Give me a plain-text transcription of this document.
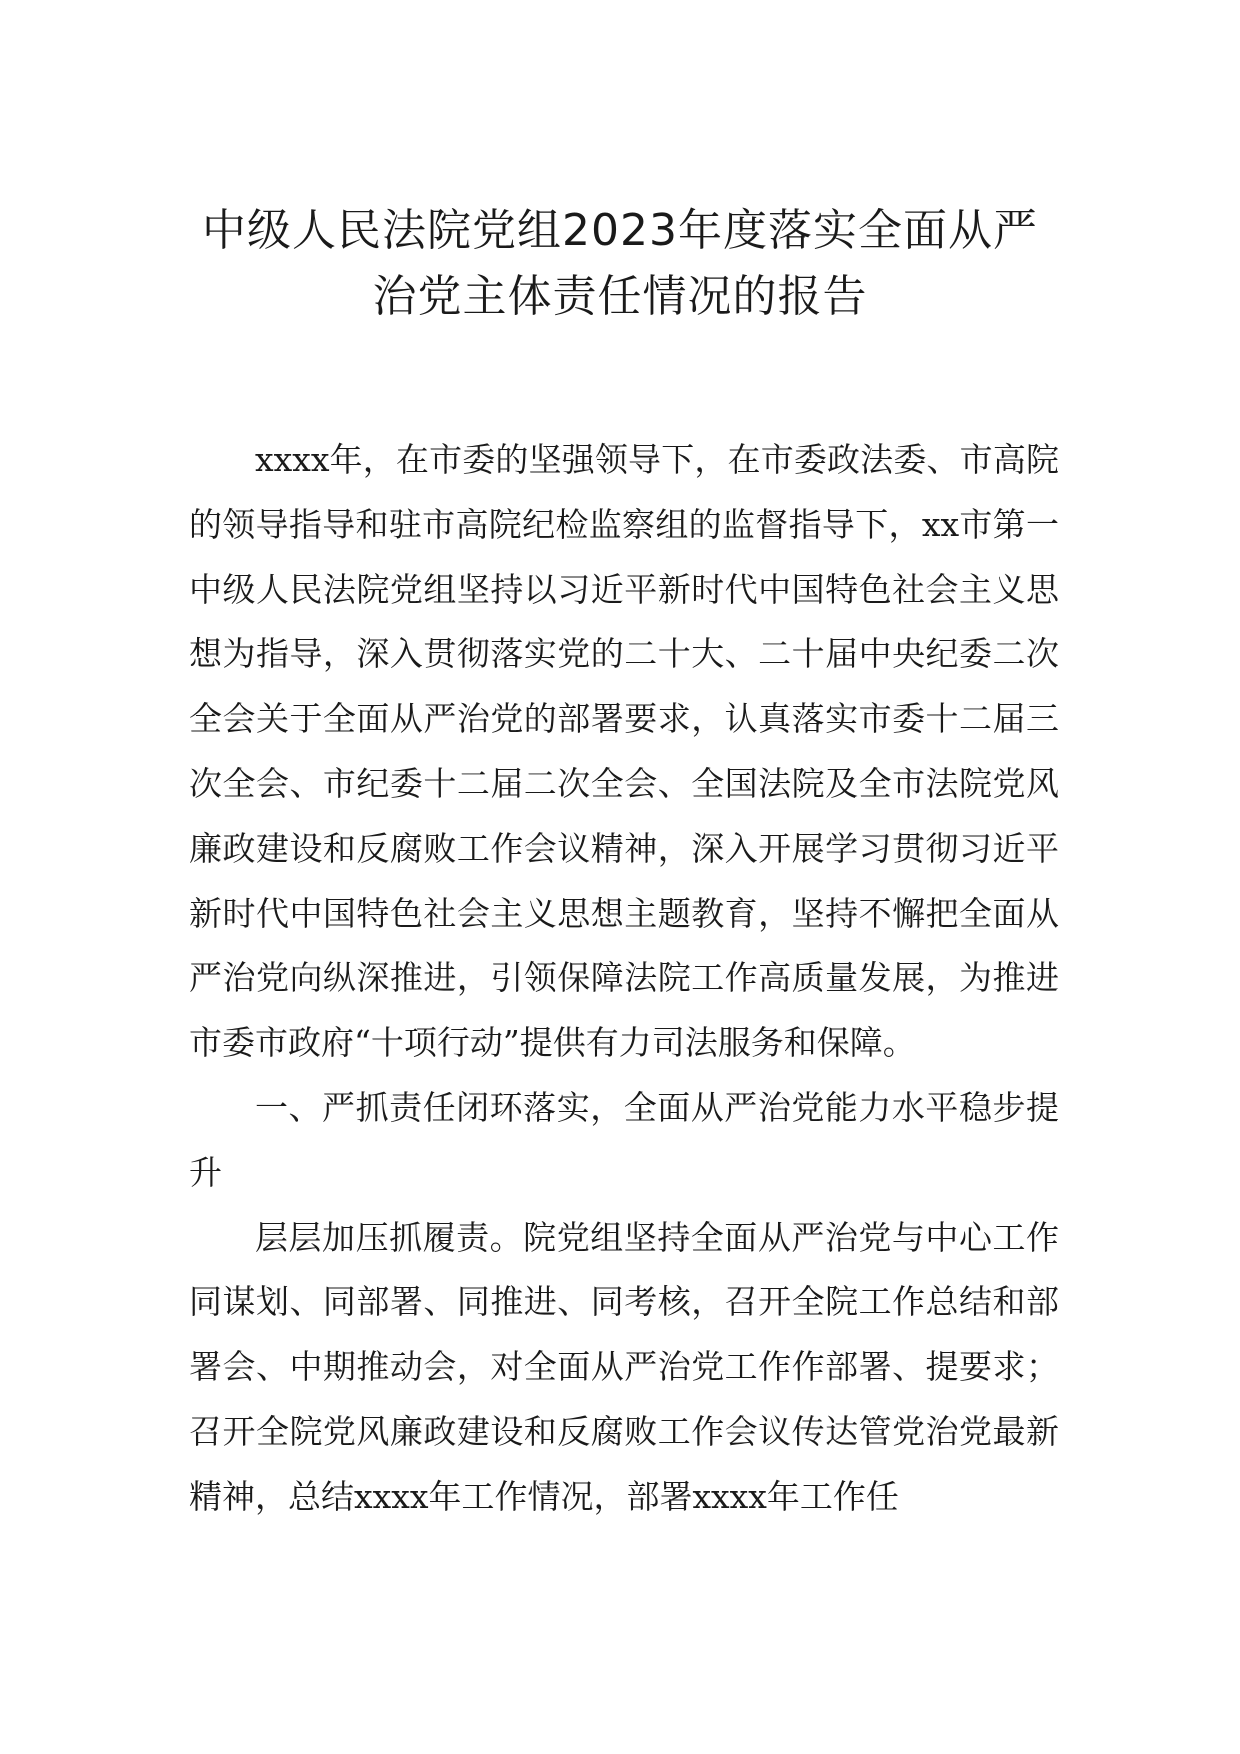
中级人民法院党组2023年度落实全面从严
治党主体责任情况的报告

xxxx年，在市委的坚强领导下，在市委政法委、市高院的领导指导和驻市高院纪检监察组的监督指导下，xx市第一中级人民法院党组坚持以习近平新时代中国特色社会主义思想为指导，深入贯彻落实党的二十大、二十届中央纪委二次全会关于全面从严治党的部署要求，认真落实市委十二届三次全会、市纪委十二届二次全会、全国法院及全市法院党风廉政建设和反腐败工作会议精神，深入开展学习贯彻习近平新时代中国特色社会主义思想主题教育，坚持不懈把全面从严治党向纵深推进，引领保障法院工作高质量发展，为推进市委市政府“十项行动”提供有力司法服务和保障。

一、严抓责任闭环落实，全面从严治党能力水平稳步提升

层层加压抓履责。院党组坚持全面从严治党与中心工作同谋划、同部署、同推进、同考核，召开全院工作总结和部署会、中期推动会，对全面从严治党工作作部署、提要求；召开全院党风廉政建设和反腐败工作会议传达管党治党最新精神，总结xxxx年工作情况，部署xxxx年工作任
